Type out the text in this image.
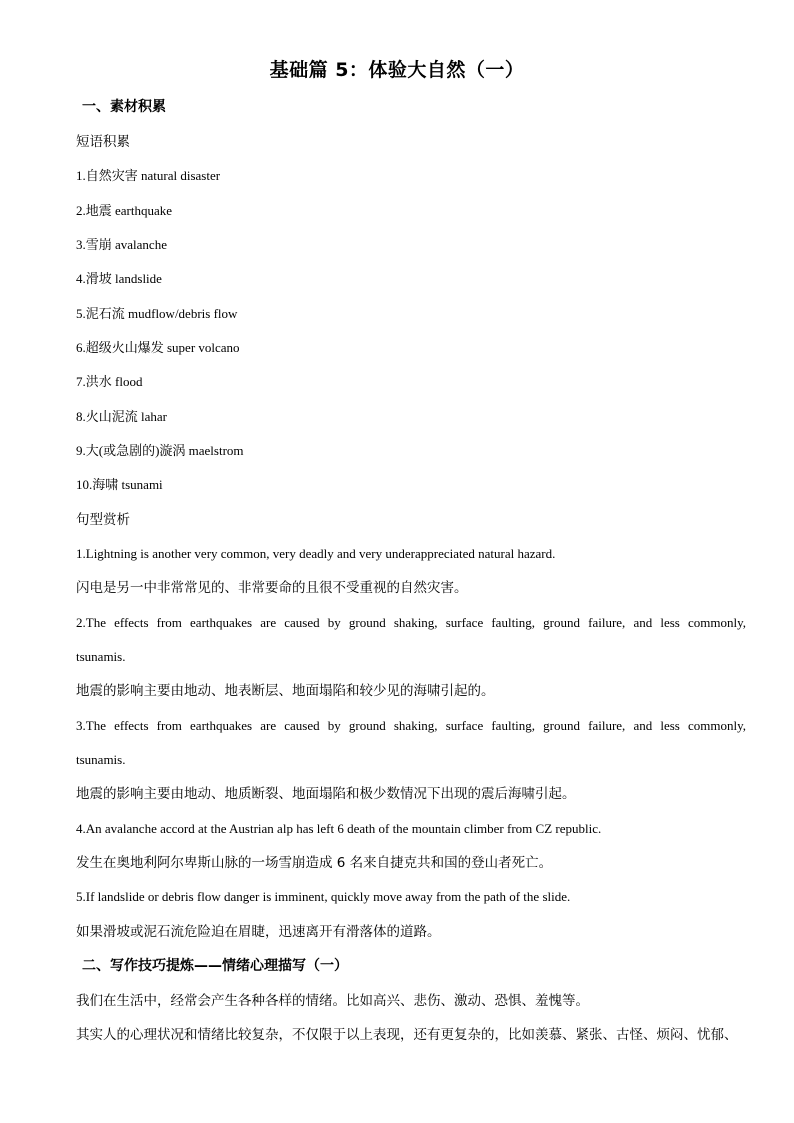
基础篇 5：体验大自然（一）
一、素材积累
短语积累
1.自然灾害 natural disaster
2.地震 earthquake
3.雪崩 avalanche
4.滑坡 landslide
5.泥石流 mudflow/debris flow
6.超级火山爆发 super volcano
7.洪水 flood
8.火山泥流 lahar
9.大(或急剧的)漩涡 maelstrom
10.海啸 tsunami
句型赏析
1.Lightning is another very common, very deadly and very underappreciated natural hazard.
闪电是另一中非常常见的、非常要命的且很不受重视的自然灾害。
2.The effects from earthquakes are caused by ground shaking, surface faulting, ground failure, and less commonly,
tsunamis.
地震的影响主要由地动、地表断层、地面塌陷和较少见的海啸引起的。
3.The effects from earthquakes are caused by ground shaking, surface faulting, ground failure, and less commonly,
tsunamis.
地震的影响主要由地动、地质断裂、地面塌陷和极少数情况下出现的震后海啸引起。
4.An avalanche accord at the Austrian alp has left 6 death of the mountain climber from CZ republic.
发生在奥地利阿尔卑斯山脉的一场雪崩造成 6 名来自捷克共和国的登山者死亡。
5.If landslide or debris flow danger is imminent, quickly move away from the path of the slide.
如果滑坡或泥石流危险迫在眉睫，迅速离开有滑落体的道路。
二、写作技巧提炼——情绪心理描写（一）
我们在生活中，经常会产生各种各样的情绪。比如高兴、悲伤、激动、恐惧、羞愧等。
其实人的心理状况和情绪比较复杂，不仅限于以上表现，还有更复杂的，比如羡慕、紧张、古怪、烦闷、忧郁、
